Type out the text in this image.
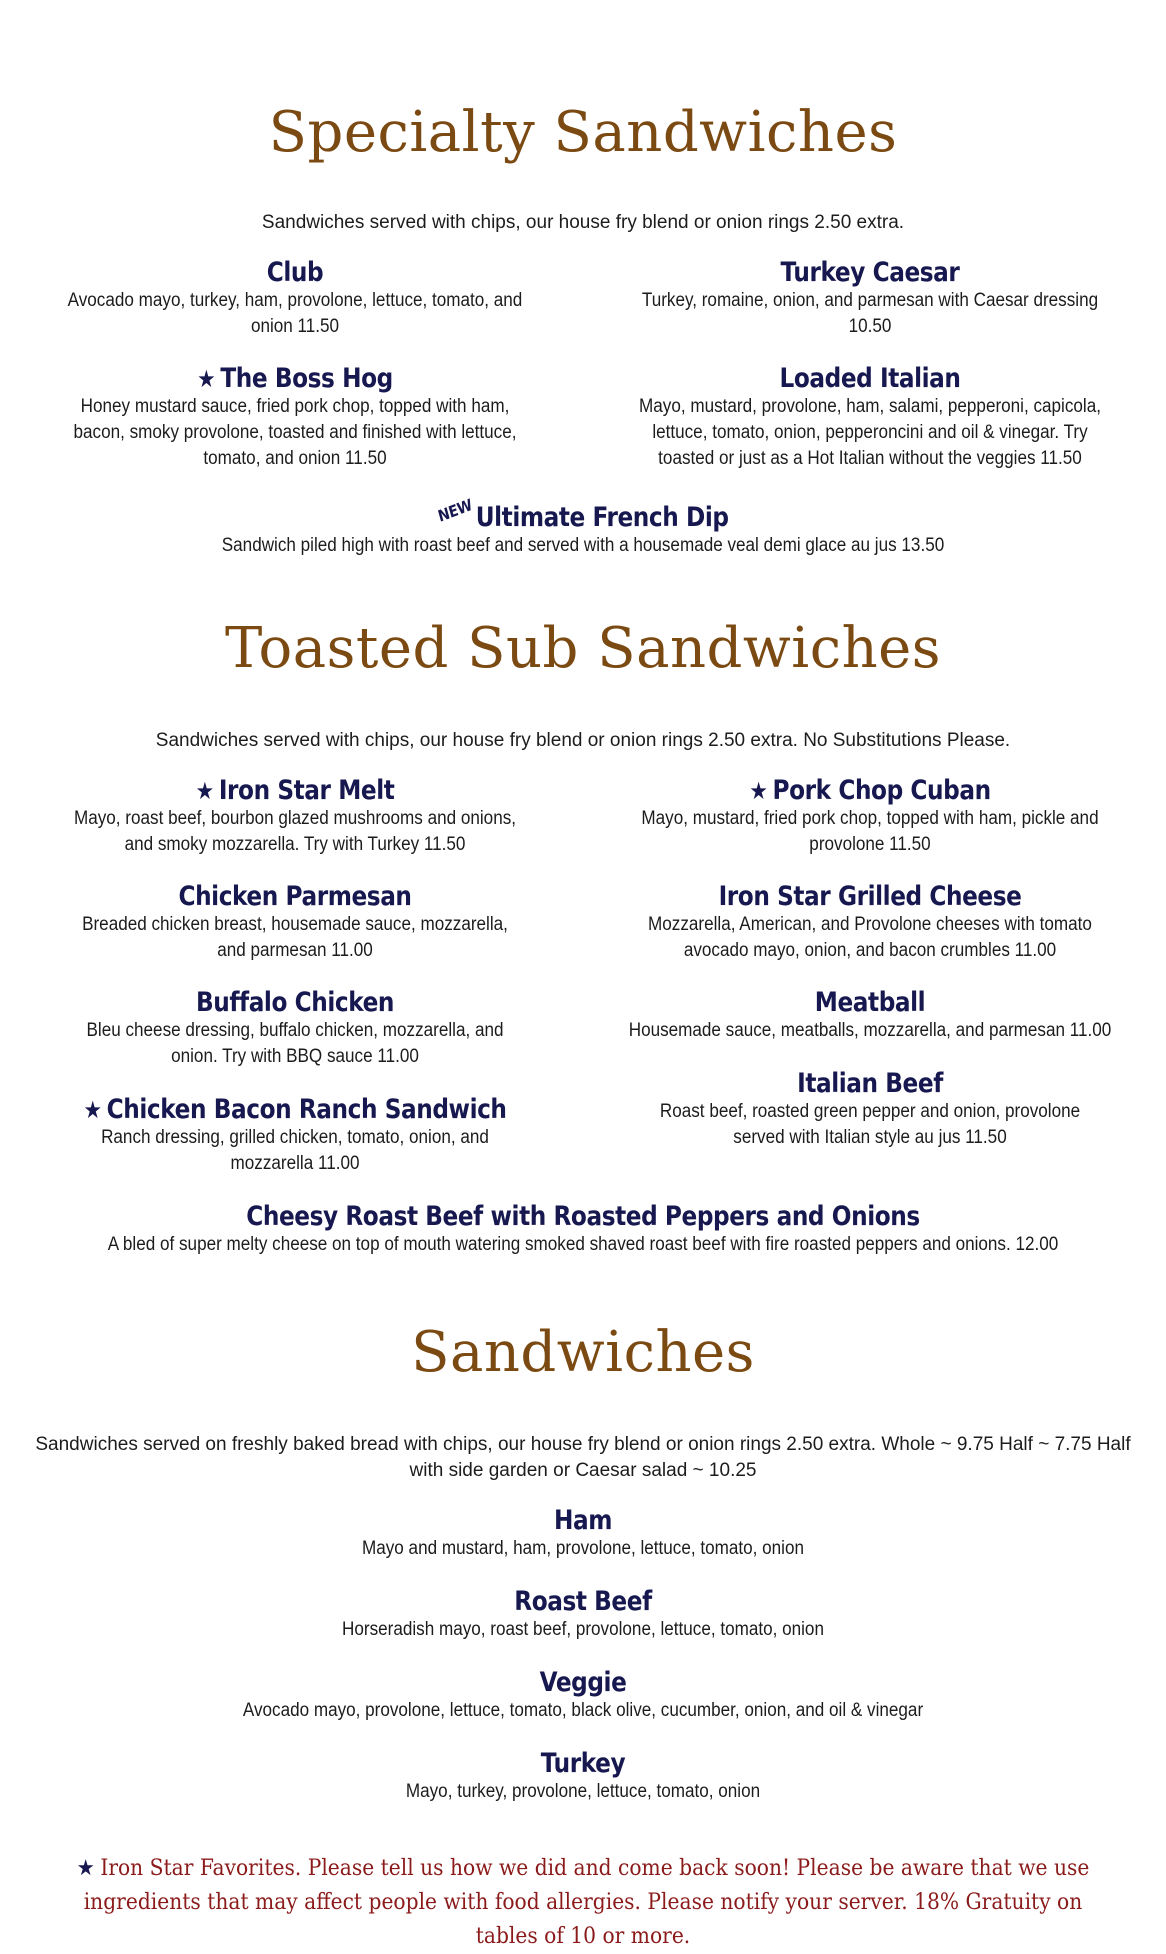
Specialty Sandwiches
Sandwiches served with chips, our house fry blend or onion rings 2.50 extra.
Club
Avocado mayo, turkey, ham, provolone, lettuce, tomato, and onion 11.50
Turkey Caesar
Turkey, romaine, onion, and parmesan with Caesar dressing 10.50
★ The Boss Hog
Honey mustard sauce, fried pork chop, topped with ham, bacon, smoky provolone, toasted and finished with lettuce, tomato, and onion 11.50
Loaded Italian
Mayo, mustard, provolone, ham, salami, pepperoni, capicola, lettuce, tomato, onion, pepperoncini and oil & vinegar. Try toasted or just as a Hot Italian without the veggies 11.50
NEWUltimate French Dip
Sandwich piled high with roast beef and served with a housemade veal demi glace au jus 13.50
Toasted Sub Sandwiches
Sandwiches served with chips, our house fry blend or onion rings 2.50 extra. No Substitutions Please.
★ Iron Star Melt
Mayo, roast beef, bourbon glazed mushrooms and onions, and smoky mozzarella. Try with Turkey 11.50
★ Pork Chop Cuban
Mayo, mustard, fried pork chop, topped with ham, pickle and provolone 11.50
Chicken Parmesan
Breaded chicken breast, housemade sauce, mozzarella, and parmesan 11.00
Iron Star Grilled Cheese
Mozzarella, American, and Provolone cheeses with tomato avocado mayo, onion, and bacon crumbles 11.00
Buffalo Chicken
Bleu cheese dressing, buffalo chicken, mozzarella, and onion. Try with BBQ sauce 11.00
Meatball
Housemade sauce, meatballs, mozzarella, and parmesan 11.00
★ Chicken Bacon Ranch Sandwich
Ranch dressing, grilled chicken, tomato, onion, and mozzarella 11.00
Italian Beef
Roast beef, roasted green pepper and onion, provolone served with Italian style au jus 11.50
Cheesy Roast Beef with Roasted Peppers and Onions
A bled of super melty cheese on top of mouth watering smoked shaved roast beef with fire roasted peppers and onions. 12.00
Sandwiches
Sandwiches served on freshly baked bread with chips, our house fry blend or onion rings 2.50 extra. Whole ~ 9.75 Half ~ 7.75 Half with side garden or Caesar salad ~ 10.25
Ham
Mayo and mustard, ham, provolone, lettuce, tomato, onion
Roast Beef
Horseradish mayo, roast beef, provolone, lettuce, tomato, onion
Veggie
Avocado mayo, provolone, lettuce, tomato, black olive, cucumber, onion, and oil & vinegar
Turkey
Mayo, turkey, provolone, lettuce, tomato, onion
★ Iron Star Favorites. Please tell us how we did and come back soon! Please be aware that we use ingredients that may affect people with food allergies. Please notify your server. 18% Gratuity on tables of 10 or more.
